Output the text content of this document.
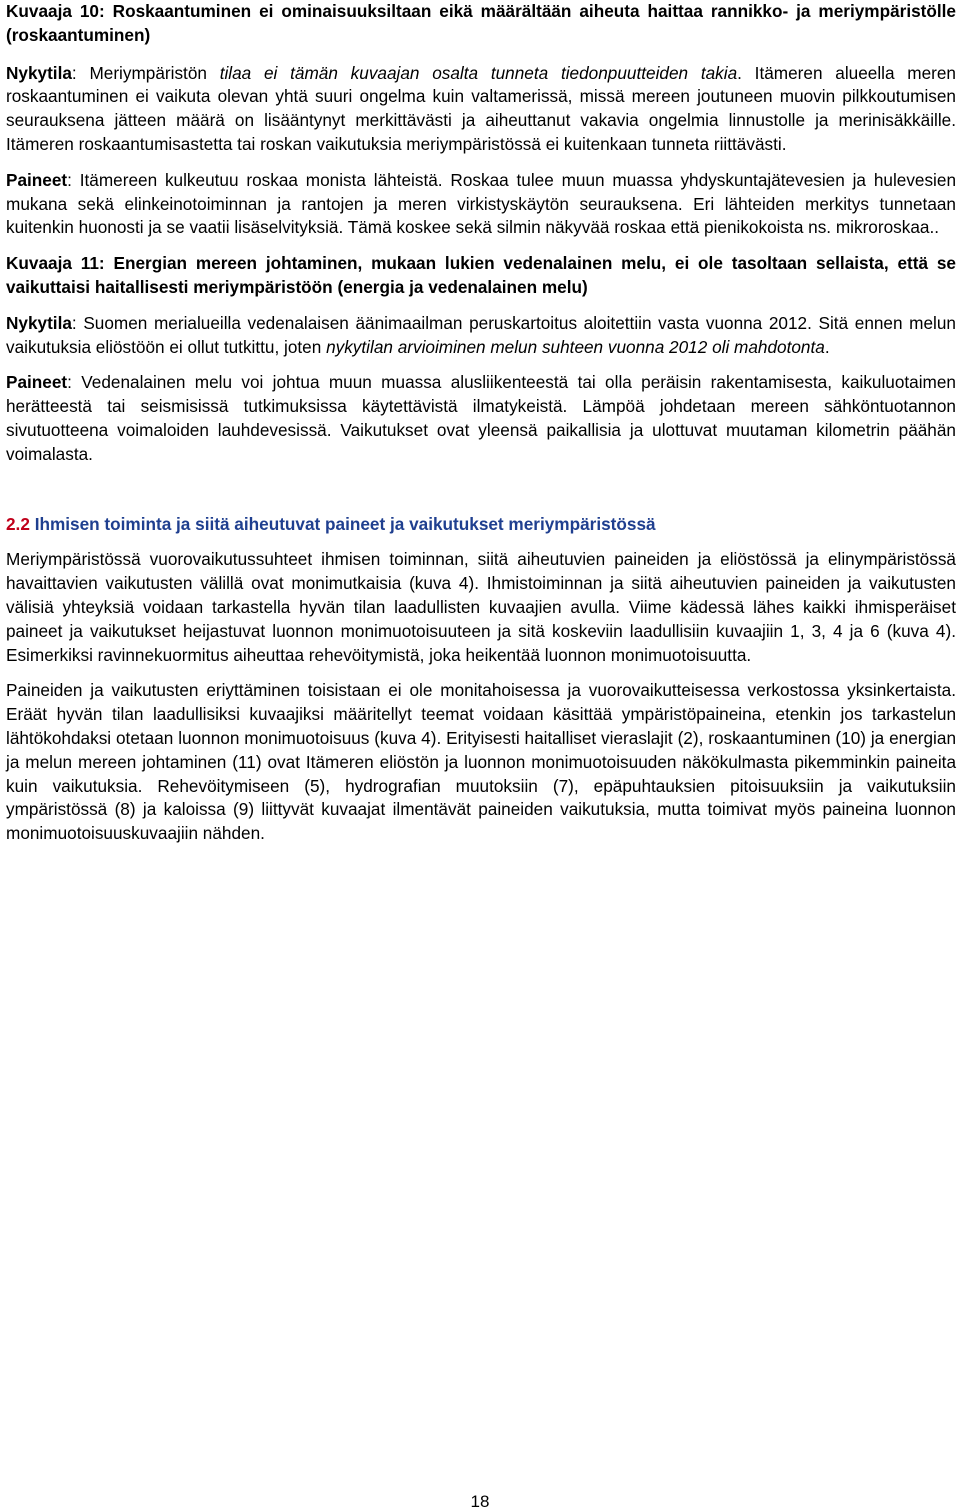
Kuvaaja 10: Roskaantuminen ei ominaisuuksiltaan eikä määrältään aiheuta haittaa rannikko- ja meriympäristölle (roskaantuminen)

Nykytila: Meriympäristön tilaa ei tämän kuvaajan osalta tunneta tiedonpuutteiden takia. Itämeren alueella meren roskaantuminen ei vaikuta olevan yhtä suuri ongelma kuin valtamerissä, missä mereen joutuneen muovin pilkkoutumisen seurauksena jätteen määrä on lisääntynyt merkittävästi ja aiheuttanut vakavia ongelmia linnustolle ja merinisäkkäille. Itämeren roskaantumisastetta tai roskan vaikutuksia meriympäristössä ei kuitenkaan tunneta riittävästi.

Paineet: Itämereen kulkeutuu roskaa monista lähteistä. Roskaa tulee muun muassa yhdyskuntajätevesien ja hulevesien mukana sekä elinkeinotoiminnan ja rantojen ja meren virkistyskäytön seurauksena. Eri lähteiden merkitys tunnetaan kuitenkin huonosti ja se vaatii lisäselvityksiä. Tämä koskee sekä silmin näkyvää roskaa että pienikokoista ns. mikroroskaa..

Kuvaaja 11: Energian mereen johtaminen, mukaan lukien vedenalainen melu, ei ole tasoltaan sellaista, että se vaikuttaisi haitallisesti meriympäristöön (energia ja vedenalainen melu)

Nykytila: Suomen merialueilla vedenalaisen äänimaailman peruskartoitus aloitettiin vasta vuonna 2012. Sitä ennen melun vaikutuksia eliöstöön ei ollut tutkittu, joten nykytilan arvioiminen melun suhteen vuonna 2012 oli mahdotonta.

Paineet: Vedenalainen melu voi johtua muun muassa alusliikenteestä tai olla peräisin rakentamisesta, kaikuluotaimen herätteestä tai seismisissä tutkimuksissa käytettävistä ilmatykeistä. Lämpöä johdetaan mereen sähköntuotannon sivutuotteena voimaloiden lauhdevesissä. Vaikutukset ovat yleensä paikallisia ja ulottuvat muutaman kilometrin päähän voimalasta.

2.2 Ihmisen toiminta ja siitä aiheutuvat paineet ja vaikutukset meriympäristössä

Meriympäristössä vuorovaikutussuhteet ihmisen toiminnan, siitä aiheutuvien paineiden ja eliöstössä ja elinympäristössä havaittavien vaikutusten välillä ovat monimutkaisia (kuva 4). Ihmistoiminnan ja siitä aiheutuvien paineiden ja vaikutusten välisiä yhteyksiä voidaan tarkastella hyvän tilan laadullisten kuvaajien avulla. Viime kädessä lähes kaikki ihmisperäiset paineet ja vaikutukset heijastuvat luonnon monimuotoisuuteen ja sitä koskeviin laadullisiin kuvaajiin 1, 3, 4 ja 6 (kuva 4). Esimerkiksi ravinnekuormitus aiheuttaa rehevöitymistä, joka heikentää luonnon monimuotoisuutta.

Paineiden ja vaikutusten eriyttäminen toisistaan ei ole monitahoisessa ja vuorovaikutteisessa verkostossa yksinkertaista. Eräät hyvän tilan laadullisiksi kuvaajiksi määritellyt teemat voidaan käsittää ympäristöpaineina, etenkin jos tarkastelun lähtökohdaksi otetaan luonnon monimuotoisuus (kuva 4). Erityisesti haitalliset vieraslajit (2), roskaantuminen (10) ja energian ja melun mereen johtaminen (11) ovat Itämeren eliöstön ja luonnon monimuotoisuuden näkökulmasta pikemminkin paineita kuin vaikutuksia. Rehevöitymiseen (5), hydrografian muutoksiin (7), epäpuhtauksien pitoisuuksiin ja vaikutuksiin ympäristössä (8) ja kaloissa (9) liittyvät kuvaajat ilmentävät paineiden vaikutuksia, mutta toimivat myös paineina luonnon monimuotoisuuskuvaajiin nähden.

18
